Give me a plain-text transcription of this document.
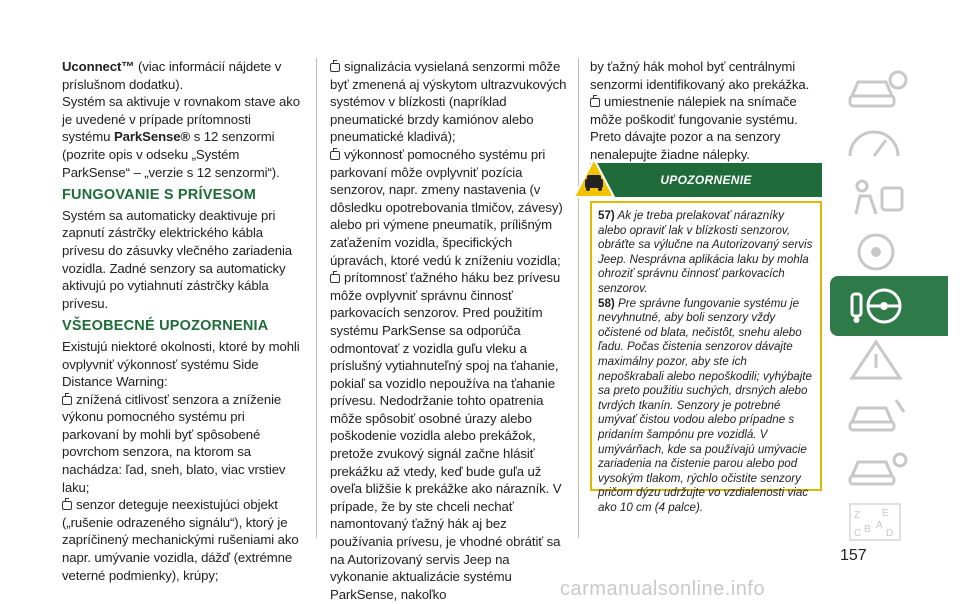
Uconnect™ (viac informácií nájdete v príslušnom dodatku).

Systém sa aktivuje v rovnakom stave ako je uvedené v prípade prítomnosti systému ParkSense® s 12 senzormi (pozrite opis v odseku „Systém ParkSense“ – „verzie s 12 senzormi“).

FUNGOVANIE S PRÍVESOM

Systém sa automaticky deaktivuje pri zapnutí zástrčky elektrického kábla prívesu do zásuvky vlečného zariadenia vozidla. Zadné senzory sa automaticky aktivujú po vytiahnutí zástrčky kábla prívesu.

VŠEOBECNÉ UPOZORNENIA

Existujú niektoré okolnosti, ktoré by mohli ovplyvniť výkonnosť systému Side Distance Warning:

znížená citlivosť senzora a zníženie výkonu pomocného systému pri parkovaní by mohli byť spôsobené povrchom senzora, na ktorom sa nachádza: ľad, sneh, blato, viac vrstiev laku;

senzor deteguje neexistujúci objekt („rušenie odrazeného signálu“), ktorý je zapríčinený mechanickými rušeniami ako napr. umývanie vozidla, dážď (extrémne veterné podmienky), krúpy;

signalizácia vysielaná senzormi môže byť zmenená aj výskytom ultrazvukových systémov v blízkosti (napríklad pneumatické brzdy kamiónov alebo pneumatické kladivá);

výkonnosť pomocného systému pri parkovaní môže ovplyvniť pozícia senzorov, napr. zmeny nastavenia (v dôsledku opotrebovania tlmičov, závesy) alebo pri výmene pneumatík, prílišným zaťažením vozidla, špecifických úpravách, ktoré vedú k zníženiu vozidla;

prítomnosť ťažného háku bez prívesu môže ovplyvniť správnu činnosť parkovacích senzorov. Pred použitím systému ParkSense sa odporúča odmontovať z vozidla guľu vleku a príslušný vytiahnuteľný spoj na ťahanie, pokiaľ sa vozidlo nepoužíva na ťahanie prívesu. Nedodržanie tohto opatrenia môže spôsobiť osobné úrazy alebo poškodenie vozidla alebo prekážok, pretože zvukový signál začne hlásiť prekážku až vtedy, keď bude guľa už oveľa bližšie k prekážke ako nárazník. V prípade, že by ste chceli nechať namontovaný ťažný hák aj bez používania prívesu, je vhodné obrátiť sa na Autorizovaný servis Jeep na vykonanie aktualizácie systému ParkSense, nakoľko

by ťažný hák mohol byť centrálnymi senzormi identifikovaný ako prekážka.

umiestnenie nálepiek na snímače môže poškodiť fungovanie systému. Preto dávajte pozor a na senzory nenalepujte žiadne nálepky.

UPOZORNENIE

57) Ak je treba prelakovať nárazníky alebo opraviť lak v blízkosti senzorov, obráťte sa výlučne na Autorizovaný servis Jeep. Nesprávna aplikácia laku by mohla ohroziť správnu činnosť parkovacích senzorov.

58) Pre správne fungovanie systému je nevyhnutné, aby boli senzory vždy očistené od blata, nečistôt, snehu alebo ľadu. Počas čistenia senzorov dávajte maximálny pozor, aby ste ich nepoškrabali alebo nepoškodili; vyhýbajte sa preto použitiu suchých, drsných alebo tvrdých tkanín. Senzory je potrebné umývať čistou vodou alebo prípadne s pridaním šampónu pre vozidlá. V umývárňach, kde sa používajú umývacie zariadenia na čistenie parou alebo pod vysokým tlakom, rýchlo očistite senzory pričom dýzu udržujte vo vzdialenosti viac ako 10 cm (4 palce).

Z E
B A
D
C
157
carmanualsonline.info
